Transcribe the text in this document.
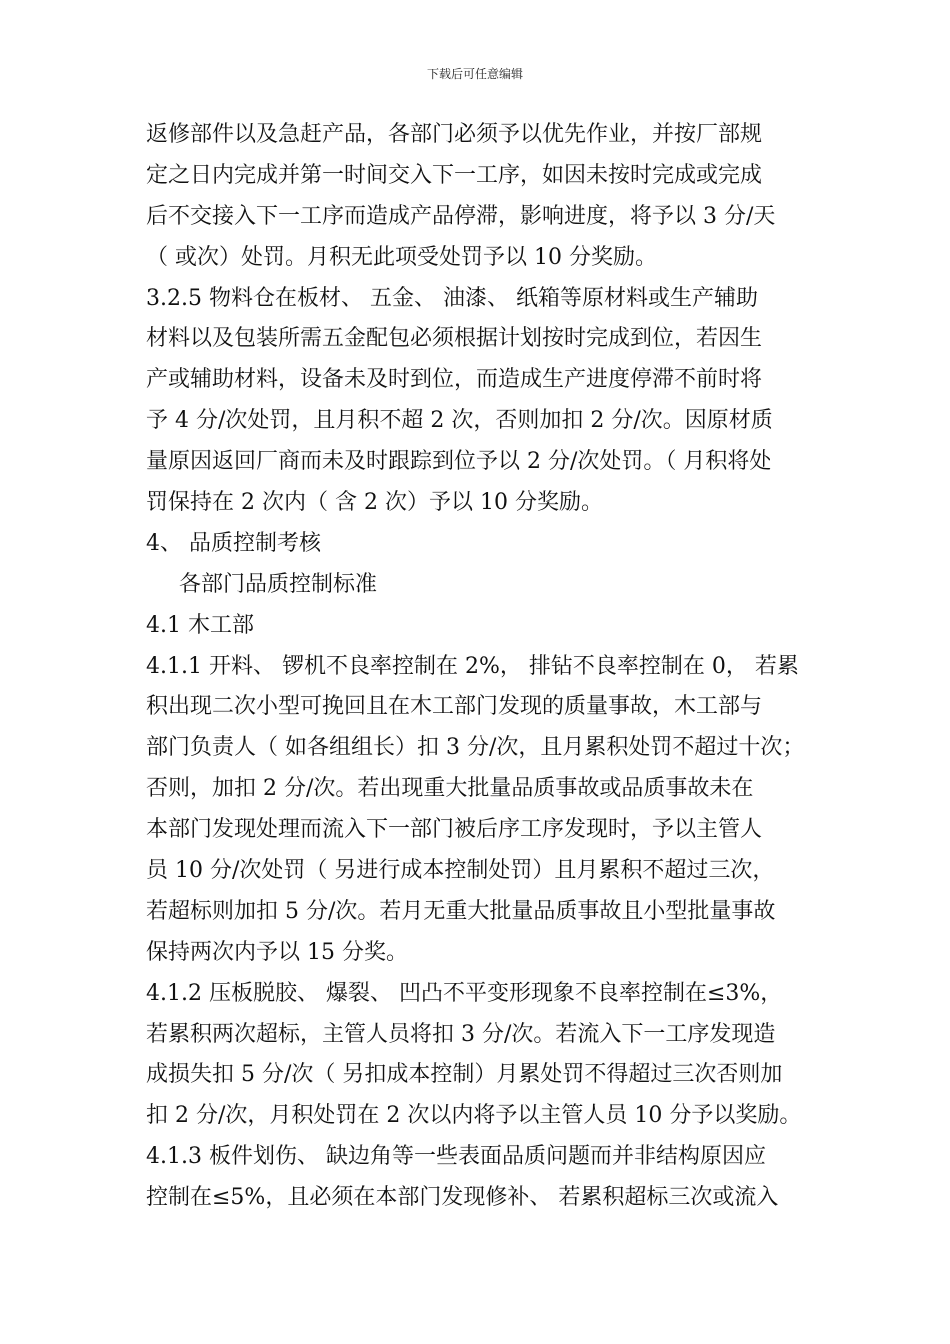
下载后可任意编辑
返修部件以及急赶产品，各部门必须予以优先作业，并按厂部规
定之日内完成并第一时间交入下一工序，如因未按时完成或完成
后不交接入下一工序而造成产品停滞，影响进度，将予以 3 分/天
（ 或次）处罚。月积无此项受处罚予以 10 分奖励。
3.2.5 物料仓在板材、 五金、 油漆、 纸箱等原材料或生产辅助
材料以及包装所需五金配包必须根据计划按时完成到位，若因生
产或辅助材料，设备未及时到位，而造成生产进度停滞不前时将
予 4 分/次处罚，且月积不超 2 次，否则加扣 2 分/次。因原材质
量原因返回厂商而未及时跟踪到位予以 2 分/次处罚。（ 月积将处
罚保持在 2 次内（ 含 2 次）予以 10 分奖励。
4、 品质控制考核
各部门品质控制标准
4.1 木工部
4.1.1 开料、 锣机不良率控制在 2%， 排钻不良率控制在 0， 若累
积出现二次小型可挽回且在木工部门发现的质量事故，木工部与
部门负责人（ 如各组组长）扣 3 分/次，且月累积处罚不超过十次；
否则，加扣 2 分/次。若出现重大批量品质事故或品质事故未在
本部门发现处理而流入下一部门被后序工序发现时，予以主管人
员 10 分/次处罚（ 另进行成本控制处罚）且月累积不超过三次，
若超标则加扣 5 分/次。若月无重大批量品质事故且小型批量事故
保持两次内予以 15 分奖。
4.1.2 压板脱胶、 爆裂、 凹凸不平变形现象不良率控制在≤3%，
若累积两次超标，主管人员将扣 3 分/次。若流入下一工序发现造
成损失扣 5 分/次（ 另扣成本控制）月累处罚不得超过三次否则加
扣 2 分/次，月积处罚在 2 次以内将予以主管人员 10 分予以奖励。
4.1.3 板件划伤、 缺边角等一些表面品质问题而并非结构原因应
控制在≤5%，且必须在本部门发现修补、 若累积超标三次或流入
